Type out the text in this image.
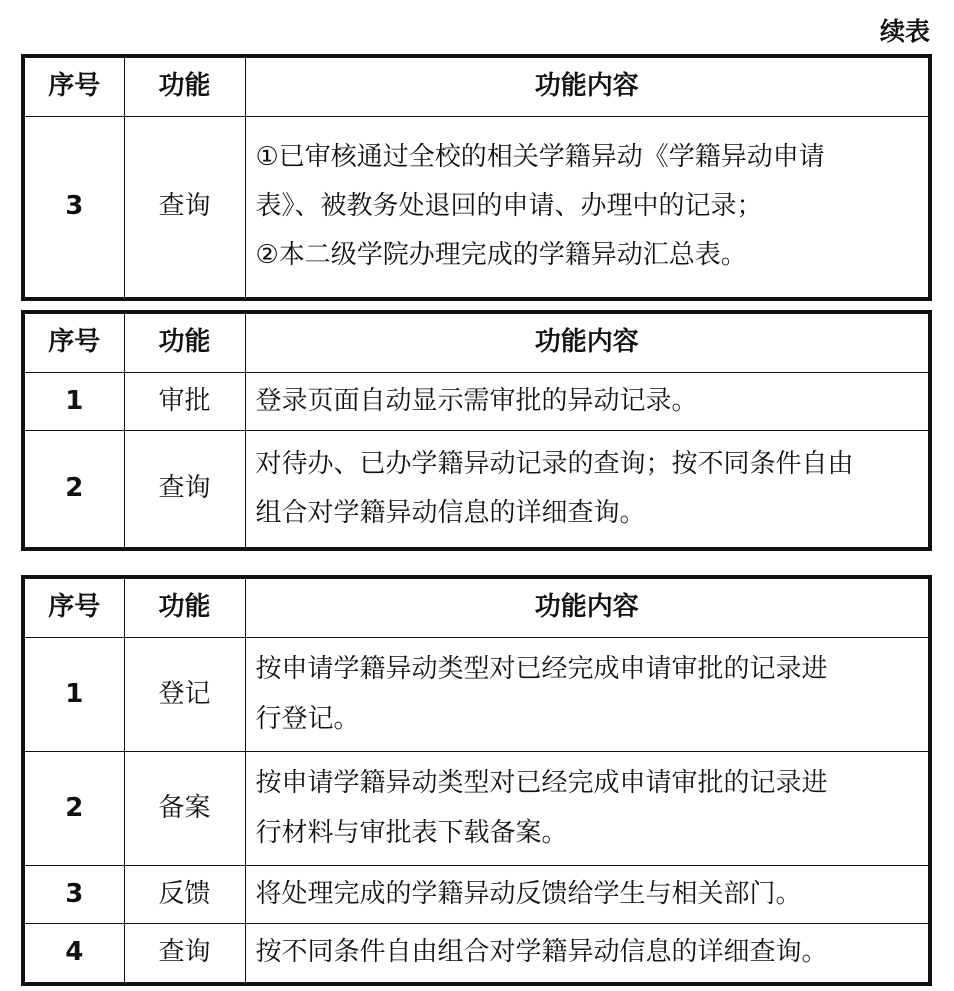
续表
序号	功能	功能内容
3	查询	①已审核通过全校的相关学籍异动《学籍异动申请
表》、被教务处退回的申请、办理中的记录；
②本二级学院办理完成的学籍异动汇总表。
序号	功能	功能内容
1	审批	登录页面自动显示需审批的异动记录。

2	查询	对待办、已办学籍异动记录的查询；按不同条件自由
组合对学籍异动信息的详细查询。
序号	功能	功能内容
1	登记	按申请学籍异动类型对已经完成申请审批的记录进
行登记。

2	备案	按申请学籍异动类型对已经完成申请审批的记录进
行材料与审批表下载备案。

3	反馈	将处理完成的学籍异动反馈给学生与相关部门。

4	查询	按不同条件自由组合对学籍异动信息的详细查询。
